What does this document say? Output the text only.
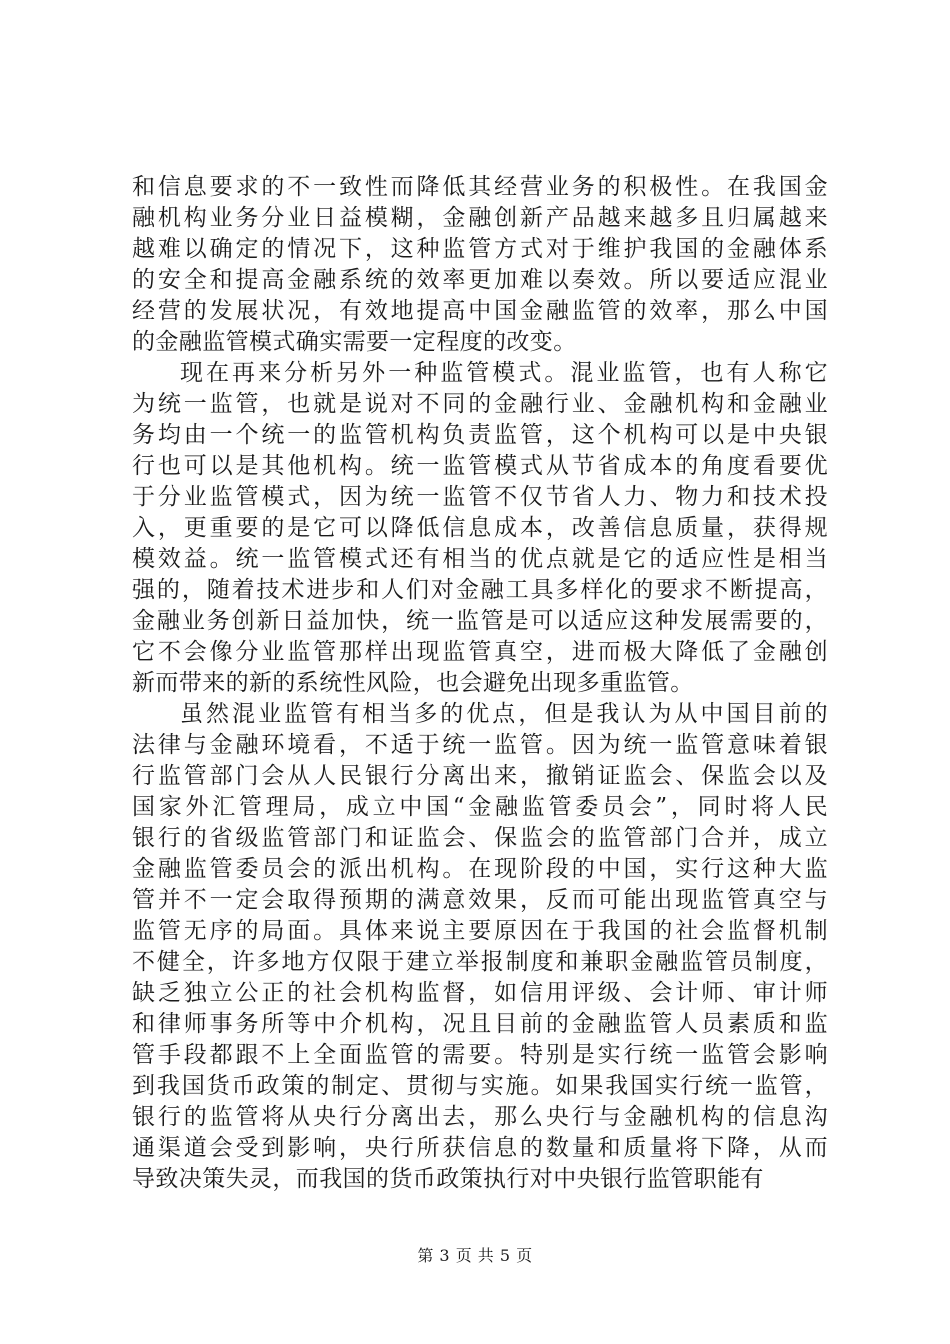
和信息要求的不一致性而降低其经营业务的积极性。在我国金
融机构业务分业日益模糊，金融创新产品越来越多且归属越来
越难以确定的情况下，这种监管方式对于维护我国的金融体系
的安全和提高金融系统的效率更加难以奏效。所以要适应混业
经营的发展状况，有效地提高中国金融监管的效率，那么中国
的金融监管模式确实需要一定程度的改变。
现在再来分析另外一种监管模式。混业监管，也有人称它
为统一监管，也就是说对不同的金融行业、金融机构和金融业
务均由一个统一的监管机构负责监管，这个机构可以是中央银
行也可以是其他机构。统一监管模式从节省成本的角度看要优
于分业监管模式，因为统一监管不仅节省人力、物力和技术投
入，更重要的是它可以降低信息成本，改善信息质量，获得规
模效益。统一监管模式还有相当的优点就是它的适应性是相当
强的，随着技术进步和人们对金融工具多样化的要求不断提高，
金融业务创新日益加快，统一监管是可以适应这种发展需要的，
它不会像分业监管那样出现监管真空，进而极大降低了金融创
新而带来的新的系统性风险，也会避免出现多重监管。
虽然混业监管有相当多的优点，但是我认为从中国目前的
法律与金融环境看，不适于统一监管。因为统一监管意味着银
行监管部门会从人民银行分离出来，撤销证监会、保监会以及
国家外汇管理局，成立中国“金融监管委员会”，同时将人民
银行的省级监管部门和证监会、保监会的监管部门合并，成立
金融监管委员会的派出机构。在现阶段的中国，实行这种大监
管并不一定会取得预期的满意效果，反而可能出现监管真空与
监管无序的局面。具体来说主要原因在于我国的社会监督机制
不健全，许多地方仅限于建立举报制度和兼职金融监管员制度，
缺乏独立公正的社会机构监督，如信用评级、会计师、审计师
和律师事务所等中介机构，况且目前的金融监管人员素质和监
管手段都跟不上全面监管的需要。特别是实行统一监管会影响
到我国货币政策的制定、贯彻与实施。如果我国实行统一监管，
银行的监管将从央行分离出去，那么央行与金融机构的信息沟
通渠道会受到影响，央行所获信息的数量和质量将下降，从而
导致决策失灵，而我国的货币政策执行对中央银行监管职能有
第 3 页 共 5 页
